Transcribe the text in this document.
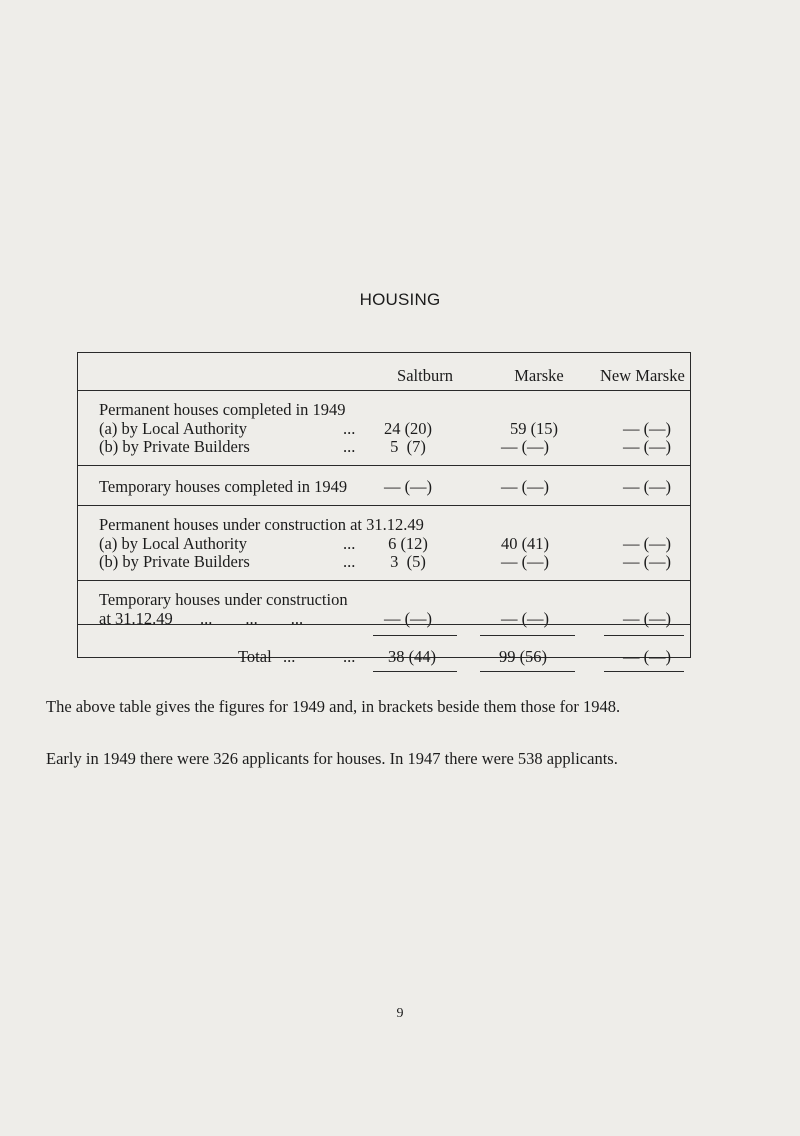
HOUSING
Saltburn	Marske	New Marske
Permanent houses completed in 1949
(a) by Local Authority	...	24 (20)	59 (15)	— (—)
(b) by Private Builders	...	5  (7)	— (—)	— (—)
Temporary houses completed in 1949	— (—)	— (—)	— (—)
Permanent houses under construction at 31.12.49
(a) by Local Authority	...	6 (12)	40 (41)	— (—)
(b) by Private Builders	...	3  (5)	— (—)	— (—)
Temporary houses under construction
at 31.12.49 ...        ...        ...	— (—)	— (—)	— (—)
Total ...	...	38 (44)	99 (56)	— (—)
The above table gives the figures for 1949 and, in brackets beside them those for 1948.
Early in 1949 there were 326 applicants for houses. In 1947 there were 538 applicants.
9
